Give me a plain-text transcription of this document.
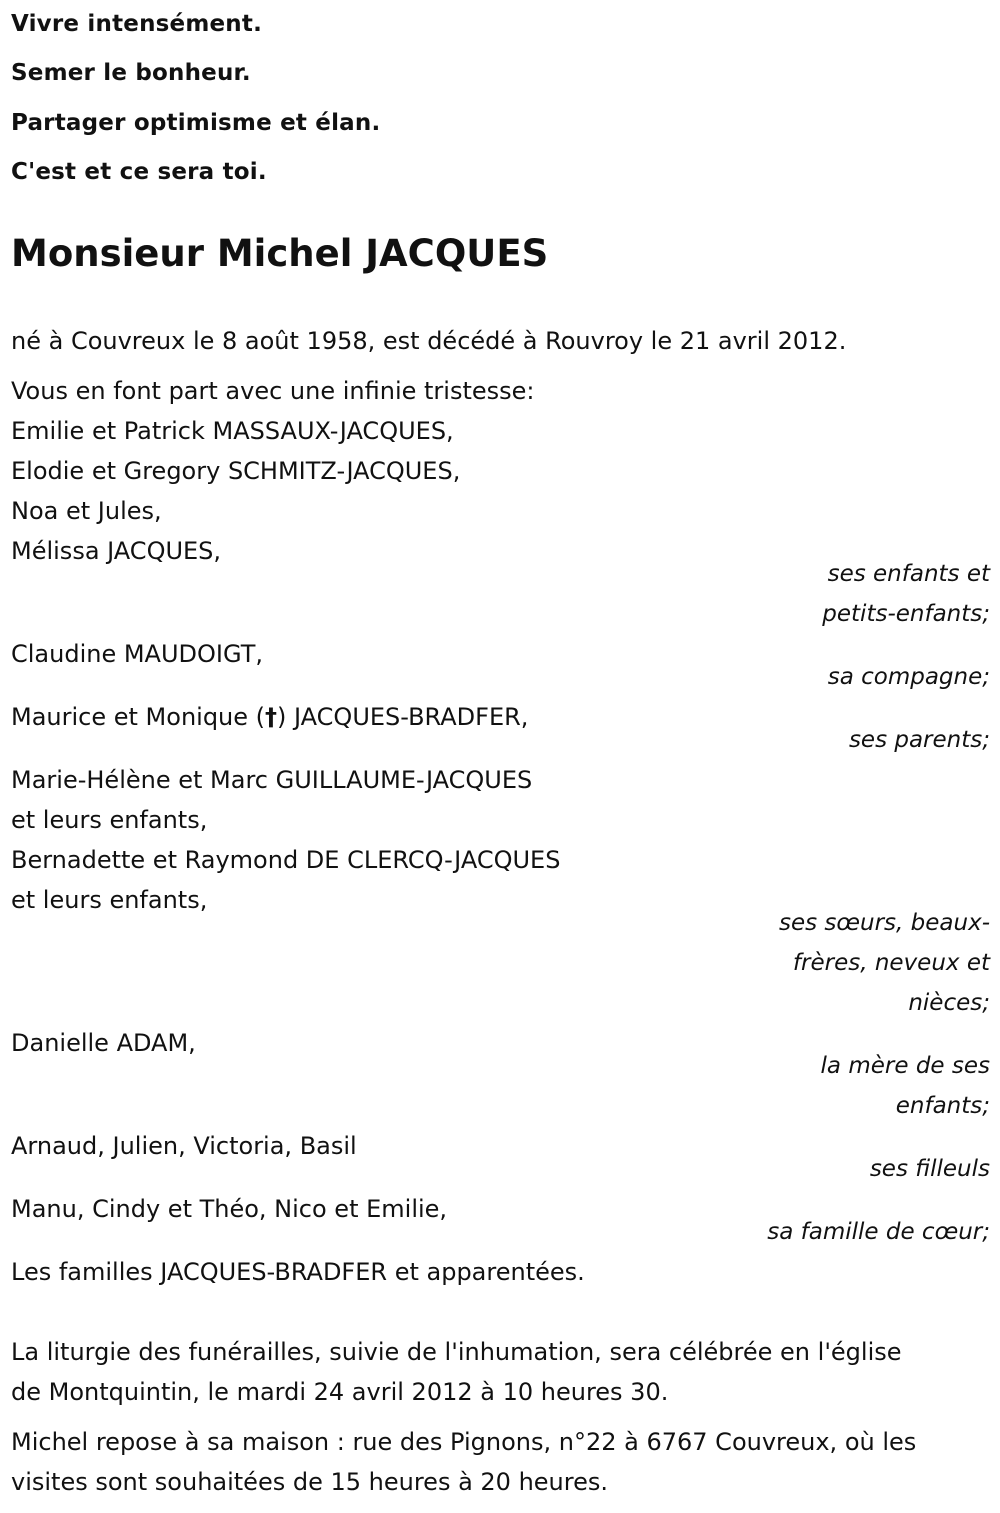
Vivre intensément.
Semer le bonheur.
Partager optimisme et élan.
C'est et ce sera toi.
Monsieur Michel JACQUES
né à Couvreux le 8 août 1958, est décédé à Rouvroy le 21 avril 2012.
Vous en font part avec une infinie tristesse:
Emilie et Patrick MASSAUX-JACQUES,
Elodie et Gregory SCHMITZ-JACQUES,
Noa et Jules,
Mélissa JACQUES,
ses enfants et
petits-enfants;
Claudine MAUDOIGT,
sa compagne;
Maurice et Monique (†) JACQUES-BRADFER,
ses parents;
Marie-Hélène et Marc GUILLAUME-JACQUES
et leurs enfants,
Bernadette et Raymond DE CLERCQ-JACQUES
et leurs enfants,
ses sœurs, beaux-
frères, neveux et
nièces;
Danielle ADAM,
la mère de ses
enfants;
Arnaud, Julien, Victoria, Basil
ses filleuls
Manu, Cindy et Théo, Nico et Emilie,
sa famille de cœur;
Les familles JACQUES-BRADFER et apparentées.
La liturgie des funérailles, suivie de l'inhumation, sera célébrée en l'église
de Montquintin, le mardi 24 avril 2012 à 10 heures 30.
Michel repose à sa maison : rue des Pignons, n°22 à 6767 Couvreux, où les
visites sont souhaitées de 15 heures à 20 heures.
